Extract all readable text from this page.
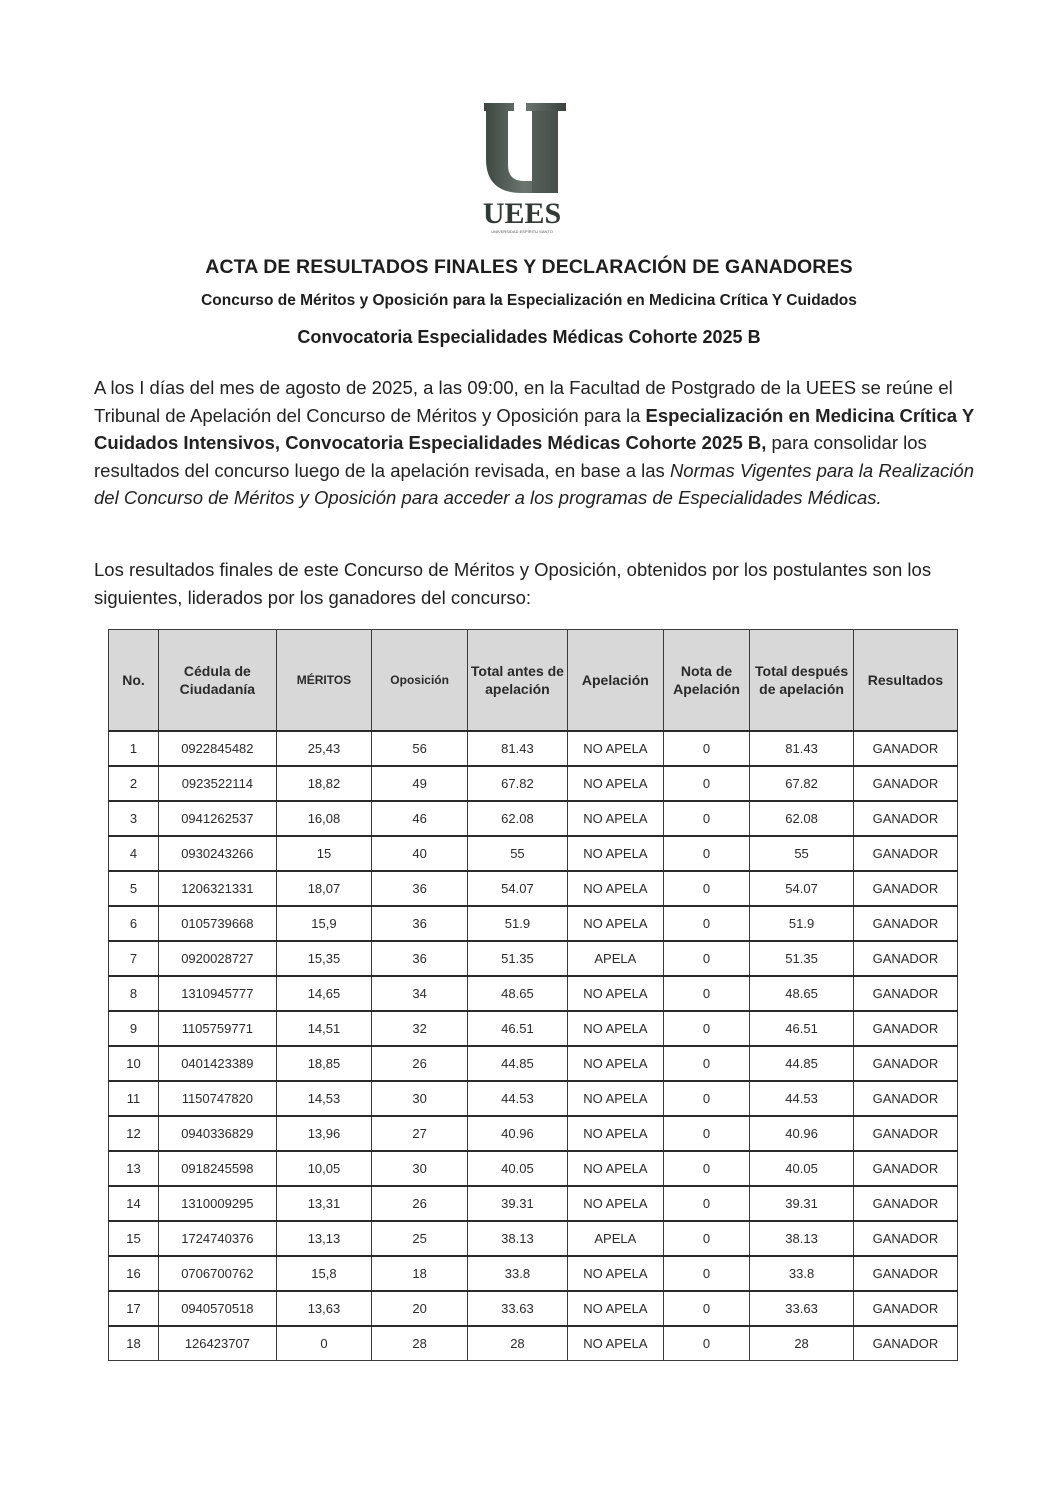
UEES
UNIVERSIDAD ESPÍRITU SANTO
ACTA DE RESULTADOS FINALES Y DECLARACIÓN DE GANADORES
Concurso de Méritos y Oposición para la Especialización en Medicina Crítica Y Cuidados
Convocatoria Especialidades Médicas Cohorte 2025 B
A los I días del mes de agosto de 2025, a las 09:00, en la Facultad de Postgrado de la UEES se reúne el Tribunal de Apelación del Concurso de Méritos y Oposición para la Especialización en Medicina Crítica Y Cuidados Intensivos, Convocatoria Especialidades Médicas Cohorte 2025 B, para consolidar los resultados del concurso luego de la apelación revisada, en base a las Normas Vigentes para la Realización del Concurso de Méritos y Oposición para acceder a los programas de Especialidades Médicas.
Los resultados finales de este Concurso de Méritos y Oposición, obtenidos por los postulantes son los siguientes, liderados por los ganadores del concurso:
No.	Cédula de Ciudadanía	MÉRITOS	Oposición	Total antes de apelación	Apelación	Nota de Apelación	Total después de apelación	Resultados
1	0922845482	25,43	56	81.43	NO APELA	0	81.43	GANADOR
2	0923522114	18,82	49	67.82	NO APELA	0	67.82	GANADOR
3	0941262537	16,08	46	62.08	NO APELA	0	62.08	GANADOR
4	0930243266	15	40	55	NO APELA	0	55	GANADOR
5	1206321331	18,07	36	54.07	NO APELA	0	54.07	GANADOR
6	0105739668	15,9	36	51.9	NO APELA	0	51.9	GANADOR
7	0920028727	15,35	36	51.35	APELA	0	51.35	GANADOR
8	1310945777	14,65	34	48.65	NO APELA	0	48.65	GANADOR
9	1105759771	14,51	32	46.51	NO APELA	0	46.51	GANADOR
10	0401423389	18,85	26	44.85	NO APELA	0	44.85	GANADOR
11	1150747820	14,53	30	44.53	NO APELA	0	44.53	GANADOR
12	0940336829	13,96	27	40.96	NO APELA	0	40.96	GANADOR
13	0918245598	10,05	30	40.05	NO APELA	0	40.05	GANADOR
14	1310009295	13,31	26	39.31	NO APELA	0	39.31	GANADOR
15	1724740376	13,13	25	38.13	APELA	0	38.13	GANADOR
16	0706700762	15,8	18	33.8	NO APELA	0	33.8	GANADOR
17	0940570518	13,63	20	33.63	NO APELA	0	33.63	GANADOR
18	126423707	0	28	28	NO APELA	0	28	GANADOR
